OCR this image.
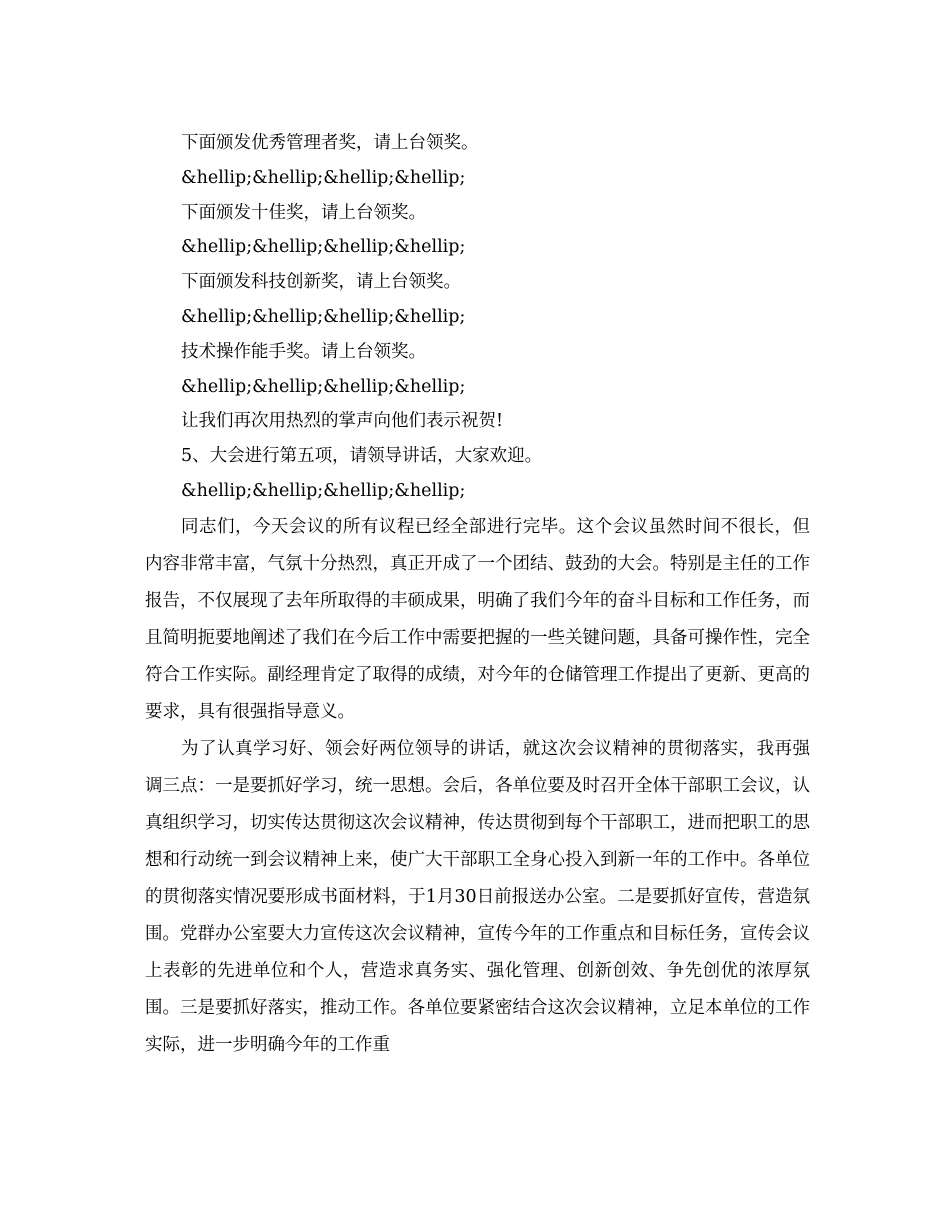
下面颁发优秀管理者奖，请上台领奖。

&hellip;&hellip;&hellip;&hellip;

下面颁发十佳奖，请上台领奖。

&hellip;&hellip;&hellip;&hellip;

下面颁发科技创新奖，请上台领奖。

&hellip;&hellip;&hellip;&hellip;

技术操作能手奖。请上台领奖。

&hellip;&hellip;&hellip;&hellip;

让我们再次用热烈的掌声向他们表示祝贺!

5、大会进行第五项，请领导讲话，大家欢迎。

&hellip;&hellip;&hellip;&hellip;

同志们，今天会议的所有议程已经全部进行完毕。这个会议虽然时间不很长，但内容非常丰富，气氛十分热烈，真正开成了一个团结、鼓劲的大会。特别是主任的工作报告，不仅展现了去年所取得的丰硕成果，明确了我们今年的奋斗目标和工作任务，而且简明扼要地阐述了我们在今后工作中需要把握的一些关键问题，具备可操作性，完全符合工作实际。副经理肯定了取得的成绩，对今年的仓储管理工作提出了更新、更高的要求，具有很强指导意义。

为了认真学习好、领会好两位领导的讲话，就这次会议精神的贯彻落实，我再强调三点：一是要抓好学习，统一思想。会后，各单位要及时召开全体干部职工会议，认真组织学习，切实传达贯彻这次会议精神，传达贯彻到每个干部职工，进而把职工的思想和行动统一到会议精神上来，使广大干部职工全身心投入到新一年的工作中。各单位的贯彻落实情况要形成书面材料，于1月30日前报送办公室。二是要抓好宣传，营造氛围。党群办公室要大力宣传这次会议精神，宣传今年的工作重点和目标任务，宣传会议上表彰的先进单位和个人，营造求真务实、强化管理、创新创效、争先创优的浓厚氛围。三是要抓好落实，推动工作。各单位要紧密结合这次会议精神，立足本单位的工作实际，进一步明确今年的工作重
